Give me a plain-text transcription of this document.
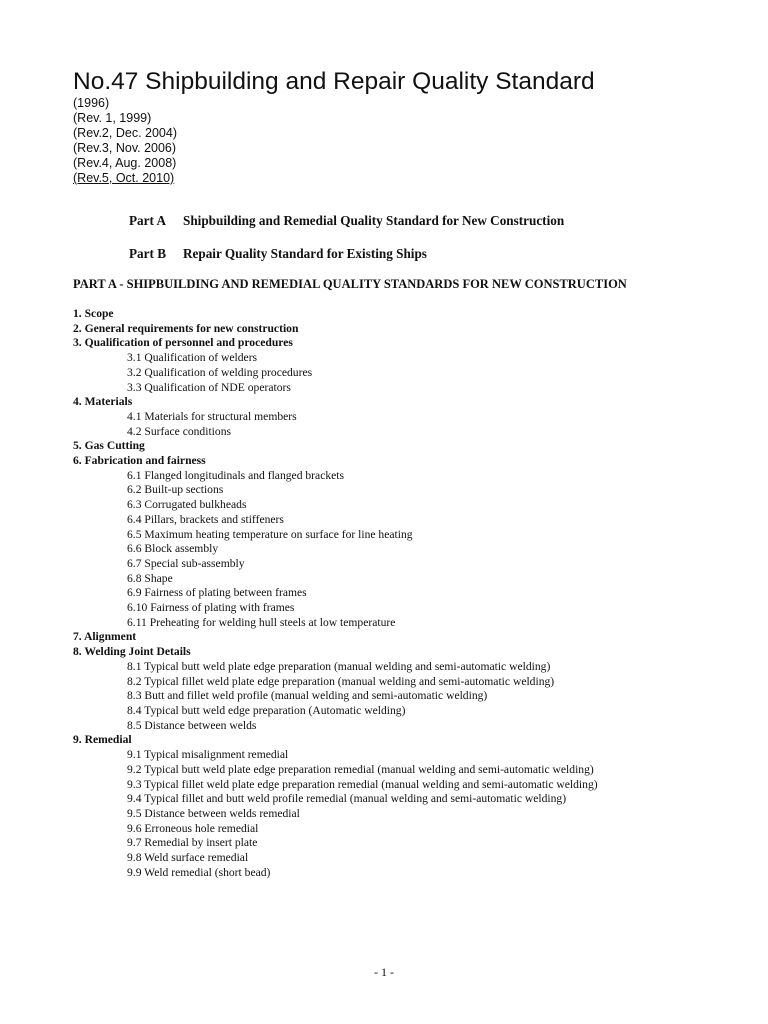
No.47 Shipbuilding and Repair Quality Standard
(1996)
(Rev. 1, 1999)
(Rev.2, Dec. 2004)
(Rev.3, Nov. 2006)
(Rev.4, Aug. 2008)
(Rev.5, Oct. 2010)
Part A Shipbuilding and Remedial Quality Standard for New Construction
Part B Repair Quality Standard for Existing Ships
PART A - SHIPBUILDING AND REMEDIAL QUALITY STANDARDS FOR NEW CONSTRUCTION
1. Scope
2. General requirements for new construction
3. Qualification of personnel and procedures
3.1 Qualification of welders
3.2 Qualification of welding procedures
3.3 Qualification of NDE operators
4. Materials
4.1 Materials for structural members
4.2 Surface conditions
5. Gas Cutting
6. Fabrication and fairness
6.1 Flanged longitudinals and flanged brackets
6.2 Built-up sections
6.3 Corrugated bulkheads
6.4 Pillars, brackets and stiffeners
6.5 Maximum heating temperature on surface for line heating
6.6 Block assembly
6.7 Special sub-assembly
6.8 Shape
6.9 Fairness of plating between frames
6.10 Fairness of plating with frames
6.11 Preheating for welding hull steels at low temperature
7. Alignment
8. Welding Joint Details
8.1 Typical butt weld plate edge preparation (manual welding and semi-automatic welding)
8.2 Typical fillet weld plate edge preparation (manual welding and semi-automatic welding)
8.3 Butt and fillet weld profile (manual welding and semi-automatic welding)
8.4 Typical butt weld edge preparation (Automatic welding)
8.5 Distance between welds
9. Remedial
9.1 Typical misalignment remedial
9.2 Typical butt weld plate edge preparation remedial (manual welding and semi-automatic welding)
9.3 Typical fillet weld plate edge preparation remedial (manual welding and semi-automatic welding)
9.4 Typical fillet and butt weld profile remedial (manual welding and semi-automatic welding)
9.5 Distance between welds remedial
9.6 Erroneous hole remedial
9.7 Remedial by insert plate
9.8 Weld surface remedial
9.9 Weld remedial (short bead)
- 1 -
